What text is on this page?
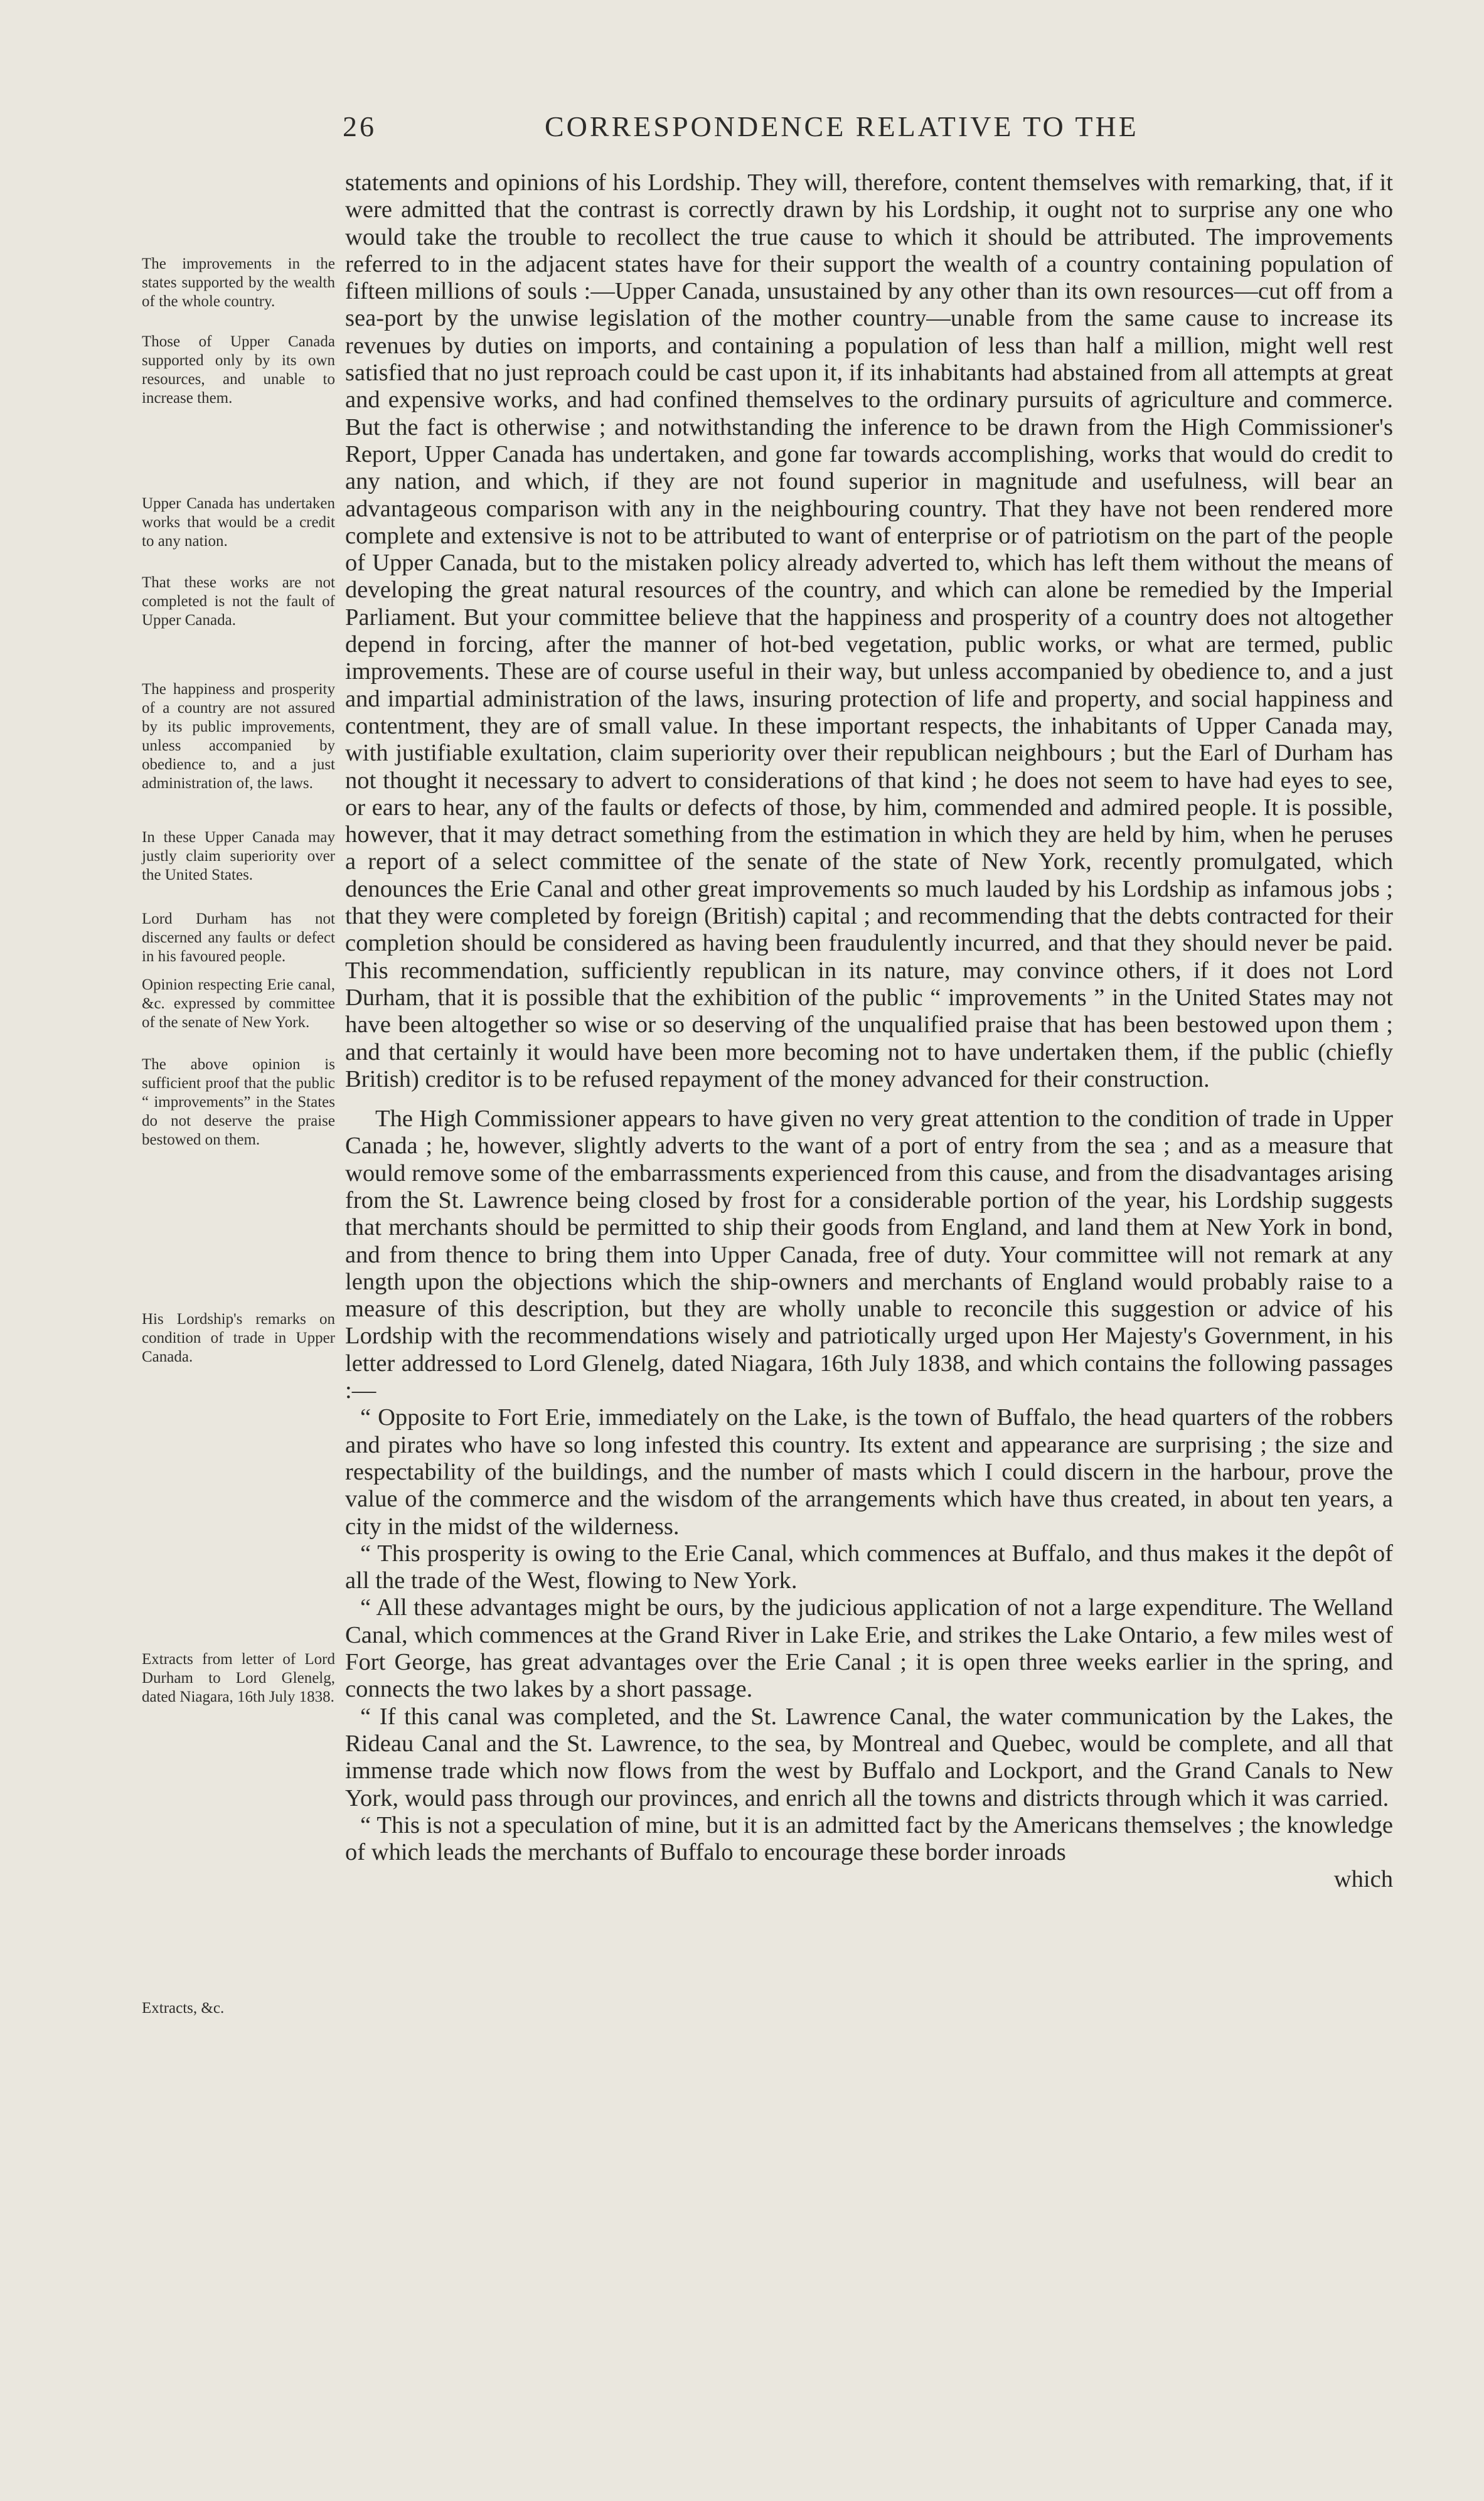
26	CORRESPONDENCE RELATIVE TO THE
The improvements in the states supported by the wealth of the whole country.
Those of Upper Canada supported only by its own resources, and unable to increase them.
Upper Canada has undertaken works that would be a credit to any nation.
That these works are not completed is not the fault of Upper Canada.
The happiness and prosperity of a country are not assured by its public improvements, unless accompanied by obedience to, and a just administration of, the laws.
In these Upper Canada may justly claim superiority over the United States.
Lord Durham has not discerned any faults or defect in his favoured people.
Opinion respecting Erie canal, &c. expressed by committee of the senate of New York.
The above opinion is sufficient proof that the public “ improvements” in the States do not deserve the praise bestowed on them.
His Lordship's remarks on condition of trade in Upper Canada.
Extracts from letter of Lord Durham to Lord Glenelg, dated Niagara, 16th July 1838.
Extracts, &c.

statements and opinions of his Lordship. They will, therefore, content themselves with remarking, that, if it were admitted that the contrast is correctly drawn by his Lordship, it ought not to surprise any one who would take the trouble to recollect the true cause to which it should be attributed. The improvements referred to in the adjacent states have for their support the wealth of a country containing population of fifteen millions of souls :—Upper Canada, unsustained by any other than its own resources—cut off from a sea-port by the unwise legislation of the mother country—unable from the same cause to increase its revenues by duties on imports, and containing a population of less than half a million, might well rest satisfied that no just reproach could be cast upon it, if its inhabitants had abstained from all attempts at great and expensive works, and had confined themselves to the ordinary pursuits of agriculture and commerce. But the fact is otherwise ; and notwithstanding the inference to be drawn from the High Commissioner's Report, Upper Canada has undertaken, and gone far towards accomplishing, works that would do credit to any nation, and which, if they are not found superior in magnitude and usefulness, will bear an advantageous comparison with any in the neighbouring country. That they have not been rendered more complete and extensive is not to be attributed to want of enterprise or of patriotism on the part of the people of Upper Canada, but to the mistaken policy already adverted to, which has left them without the means of developing the great natural resources of the country, and which can alone be remedied by the Imperial Parliament. But your committee believe that the happiness and prosperity of a country does not altogether depend in forcing, after the manner of hot-bed vegetation, public works, or what are termed, public improvements. These are of course useful in their way, but unless accompanied by obedience to, and a just and impartial administration of the laws, insuring protection of life and property, and social happiness and contentment, they are of small value. In these important respects, the inhabitants of Upper Canada may, with justifiable exultation, claim superiority over their republican neighbours ; but the Earl of Durham has not thought it necessary to advert to considerations of that kind ; he does not seem to have had eyes to see, or ears to hear, any of the faults or defects of those, by him, commended and admired people. It is possible, however, that it may detract something from the estimation in which they are held by him, when he peruses a report of a select committee of the senate of the state of New York, recently promulgated, which denounces the Erie Canal and other great improvements so much lauded by his Lordship as infamous jobs ; that they were completed by foreign (British) capital ; and recommending that the debts contracted for their completion should be considered as having been fraudulently incurred, and that they should never be paid. This recommendation, sufficiently republican in its nature, may convince others, if it does not Lord Durham, that it is possible that the exhibition of the public “ improvements ” in the United States may not have been altogether so wise or so deserving of the unqualified praise that has been bestowed upon them ; and that certainly it would have been more becoming not to have undertaken them, if the public (chiefly British) creditor is to be refused repayment of the money advanced for their construction.

The High Commissioner appears to have given no very great attention to the condition of trade in Upper Canada ; he, however, slightly adverts to the want of a port of entry from the sea ; and as a measure that would remove some of the embarrassments experienced from this cause, and from the disadvantages arising from the St. Lawrence being closed by frost for a considerable portion of the year, his Lordship suggests that merchants should be permitted to ship their goods from England, and land them at New York in bond, and from thence to bring them into Upper Canada, free of duty. Your committee will not remark at any length upon the objections which the ship-owners and merchants of England would probably raise to a measure of this description, but they are wholly unable to reconcile this suggestion or advice of his Lordship with the recommendations wisely and patriotically urged upon Her Majesty's Government, in his letter addressed to Lord Glenelg, dated Niagara, 16th July 1838, and which contains the following passages :—

“ Opposite to Fort Erie, immediately on the Lake, is the town of Buffalo, the head quarters of the robbers and pirates who have so long infested this country. Its extent and appearance are surprising ; the size and respectability of the buildings, and the number of masts which I could discern in the harbour, prove the value of the commerce and the wisdom of the arrangements which have thus created, in about ten years, a city in the midst of the wilderness.

“ This prosperity is owing to the Erie Canal, which commences at Buffalo, and thus makes it the depôt of all the trade of the West, flowing to New York.

“ All these advantages might be ours, by the judicious application of not a large expenditure. The Welland Canal, which commences at the Grand River in Lake Erie, and strikes the Lake Ontario, a few miles west of Fort George, has great advantages over the Erie Canal ; it is open three weeks earlier in the spring, and connects the two lakes by a short passage.

“ If this canal was completed, and the St. Lawrence Canal, the water communication by the Lakes, the Rideau Canal and the St. Lawrence, to the sea, by Montreal and Quebec, would be complete, and all that immense trade which now flows from the west by Buffalo and Lockport, and the Grand Canals to New York, would pass through our provinces, and enrich all the towns and districts through which it was carried.

“ This is not a speculation of mine, but it is an admitted fact by the Americans themselves ; the knowledge of which leads the merchants of Buffalo to encourage these border inroads

which
